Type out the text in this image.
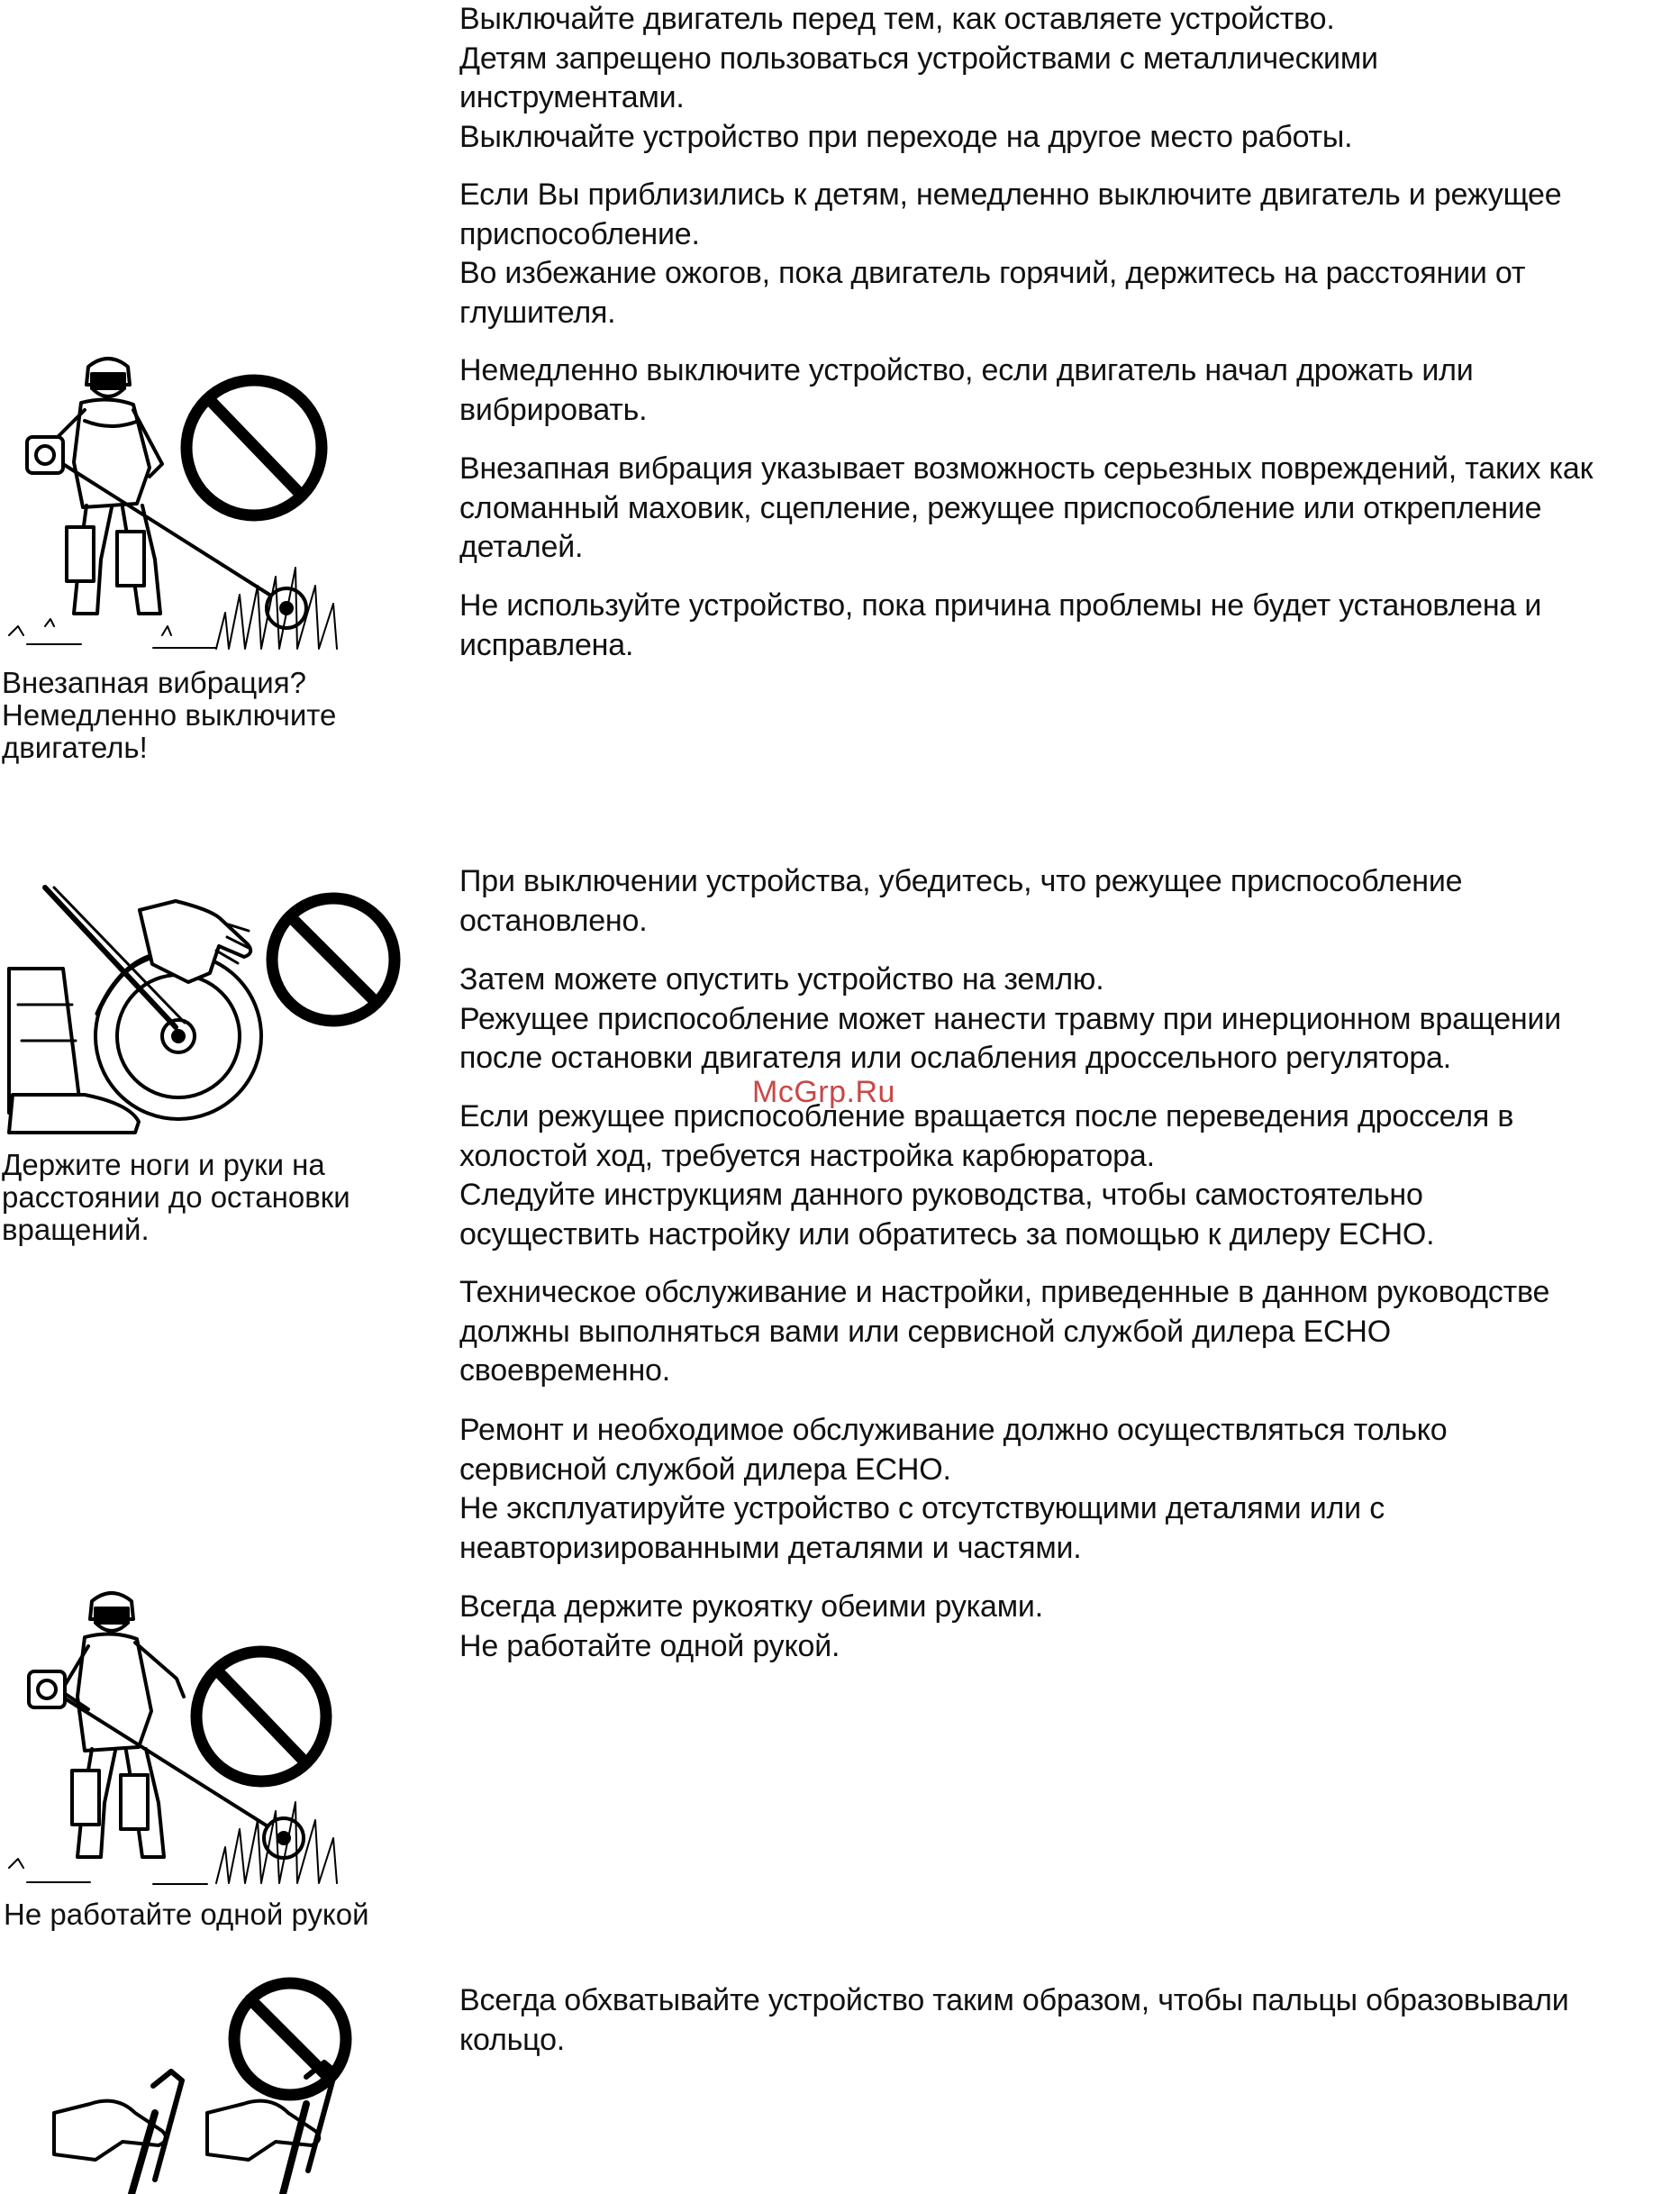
Выключайте двигатель перед тем, как оставляете устройство.
Детям запрещено пользоваться устройствами с металлическими
инструментами.
Выключайте устройство при переходе на другое место работы.

Если Вы приблизились к детям, немедленно выключите двигатель и режущее
приспособление.
Во избежание ожогов, пока двигатель горячий, держитесь на расстоянии от
глушителя.

Немедленно выключите устройство, если двигатель начал дрожать или
вибрировать.

Внезапная вибрация указывает возможность серьезных повреждений, таких как
сломанный маховик, сцепление, режущее приспособление или открепление
деталей.

Не используйте устройство, пока причина проблемы не будет установлена и
исправлена.

При выключении устройства, убедитесь, что режущее приспособление
остановлено.

Затем можете опустить устройство на землю.
Режущее приспособление может нанести травму при инерционном вращении
после остановки двигателя или ослабления дроссельного регулятора.

Если режущее приспособление вращается после переведения дросселя в
холостой ход, требуется настройка карбюратора.
Следуйте инструкциям данного руководства, чтобы самостоятельно
осуществить настройку или обратитесь за помощью к дилеру ECHO.

Техническое обслуживание и настройки, приведенные в данном руководстве
должны выполняться вами или сервисной службой дилера ECHO
своевременно.

Ремонт и необходимое обслуживание должно осуществляться только
сервисной службой дилера ECHO.
Не эксплуатируйте устройство с отсутствующими деталями или с
неавторизированными деталями и частями.

Всегда держите рукоятку обеими руками.
Не работайте одной рукой.

Всегда обхватывайте устройство таким образом, чтобы пальцы образовывали
кольцо.

McGrp.Ru

Внезапная вибрация?
Немедленно выключите
двигатель!

Держите ноги и руки на
расстоянии до остановки
вращений.

Не работайте одной рукой
